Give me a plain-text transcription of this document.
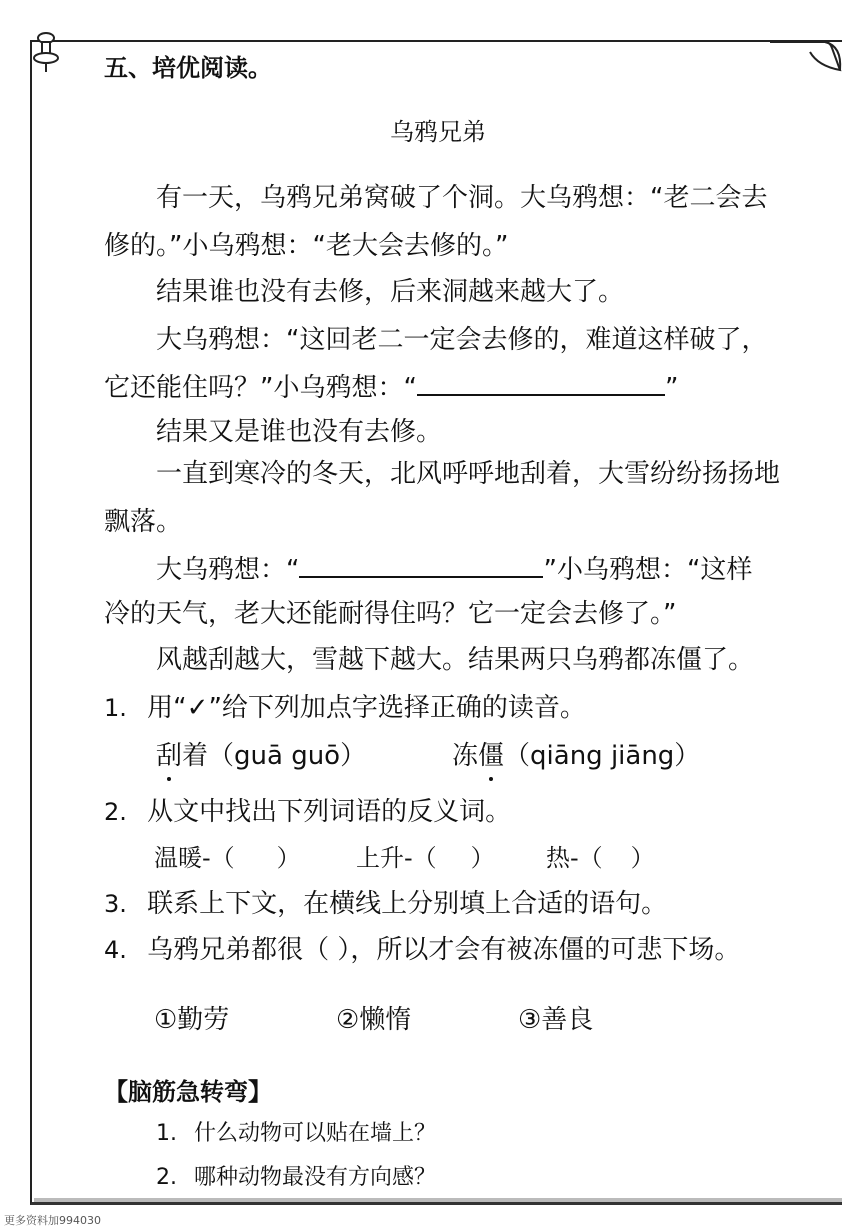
五、培优阅读。
乌鸦兄弟
有一天，乌鸦兄弟窝破了个洞。大乌鸦想：“老二会去
修的。”小乌鸦想：“老大会去修的。”
结果谁也没有去修，后来洞越来越大了。
大乌鸦想：“这回老二一定会去修的，难道这样破了，
它还能住吗？”小乌鸦想：“	”
结果又是谁也没有去修。
一直到寒冷的冬天，北风呼呼地刮着，大雪纷纷扬扬地
飘落。
大乌鸦想：“	”小乌鸦想：“这样
冷的天气，老大还能耐得住吗？它一定会去修了。”
风越刮越大，雪越下越大。结果两只乌鸦都冻僵了。
1. 用“✓”给下列加点字选择正确的读音。
刮着（guā guō）	冻僵（qiāng jiāng）
2. 从文中找出下列词语的反义词。
温暖-（ ） 上升-（ ） 热-（ ）
3. 联系上下文，在横线上分别填上合适的语句。
4. 乌鸦兄弟都很（ ），所以才会有被冻僵的可悲下场。
①勤劳	②懒惰	③善良
【脑筋急转弯】
1. 什么动物可以贴在墙上？
2. 哪种动物最没有方向感？
更多资料加994030
